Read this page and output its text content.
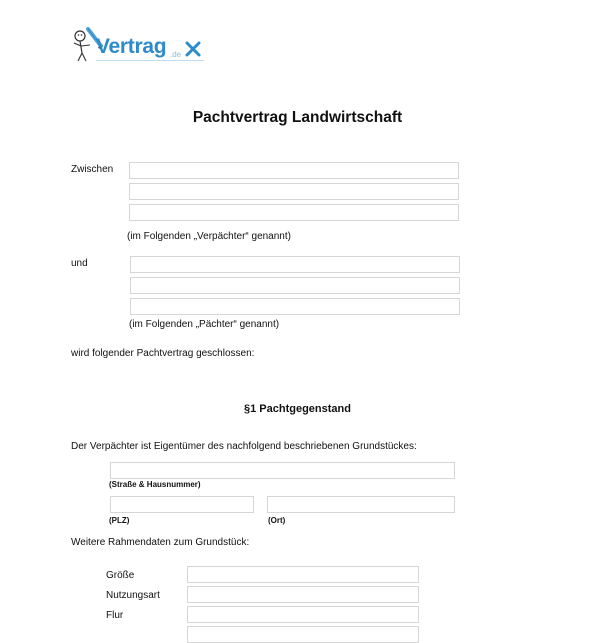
Vertrag .de
Pachtvertrag Landwirtschaft
Zwischen
(im Folgenden „Verpächter“ genannt)
und
(im Folgenden „Pächter“ genannt)
wird folgender Pachtvertrag geschlossen:
§1 Pachtgegenstand
Der Verpächter ist Eigentümer des nachfolgend beschriebenen Grundstückes:
(Straße & Hausnummer)
(PLZ)	(Ort)
Weitere Rahmendaten zum Grundstück:
Größe
Nutzungsart
Flur
